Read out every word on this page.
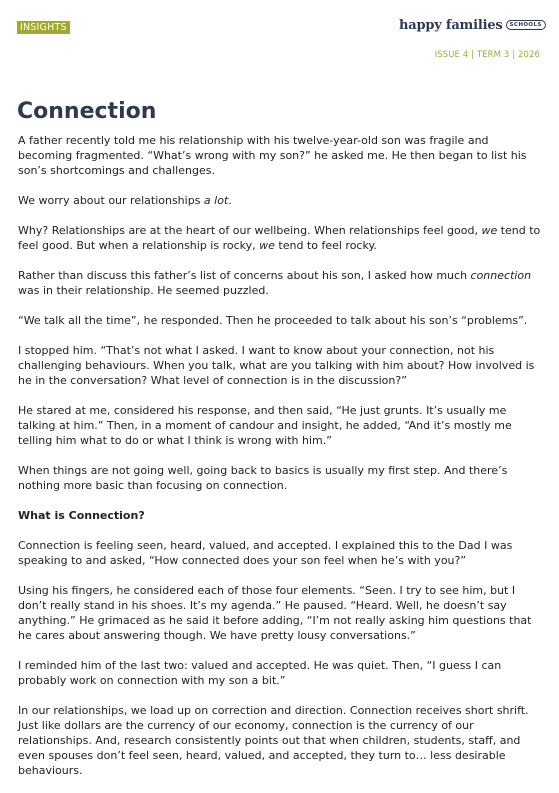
INSIGHTS	happy families	SCHOOLS
ISSUE 4 | TERM 3 | 2026
Connection

A father recently told me his relationship with his twelve-year-old son was fragile and becoming fragmented. “What’s wrong with my son?” he asked me. He then began to list his son’s shortcomings and challenges.

We worry about our relationships a lot.

Why? Relationships are at the heart of our wellbeing. When relationships feel good, we tend to feel good. But when a relationship is rocky, we tend to feel rocky.

Rather than discuss this father’s list of concerns about his son, I asked how much connection was in their relationship. He seemed puzzled.

“We talk all the time”, he responded. Then he proceeded to talk about his son’s “problems”.

I stopped him. “That’s not what I asked. I want to know about your connection, not his challenging behaviours. When you talk, what are you talking with him about? How involved is he in the conversation? What level of connection is in the discussion?”

He stared at me, considered his response, and then said, “He just grunts. It’s usually me talking at him.” Then, in a moment of candour and insight, he added, “And it’s mostly me telling him what to do or what I think is wrong with him.”

When things are not going well, going back to basics is usually my first step. And there’s nothing more basic than focusing on connection.

What is Connection?

Connection is feeling seen, heard, valued, and accepted. I explained this to the Dad I was speaking to and asked, “How connected does your son feel when he’s with you?”

Using his fingers, he considered each of those four elements. “Seen. I try to see him, but I don’t really stand in his shoes. It’s my agenda.” He paused. “Heard. Well, he doesn’t say anything.” He grimaced as he said it before adding, “I’m not really asking him questions that he cares about answering though. We have pretty lousy conversations.”

I reminded him of the last two: valued and accepted. He was quiet. Then, “I guess I can probably work on connection with my son a bit.”

In our relationships, we load up on correction and direction. Connection receives short shrift. Just like dollars are the currency of our economy, connection is the currency of our relationships. And, research consistently points out that when children, students, staff, and even spouses don’t feel seen, heard, valued, and accepted, they turn to… less desirable behaviours.
